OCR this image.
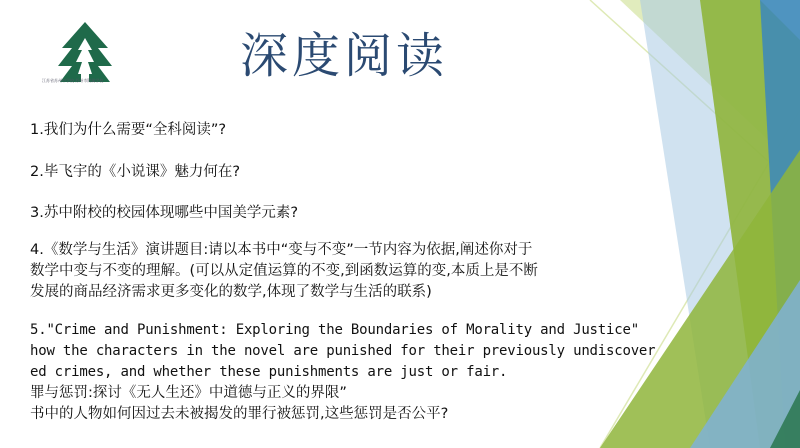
江苏省苏州中学校 苏州市附属学校	深度阅读
1.我们为什么需要“全科阅读”?
2.毕飞宇的《小说课》魅力何在?
3.苏中附校的校园体现哪些中国美学元素?
4.《数学与生活》演讲题目:请以本书中“变与不变”一节内容为依据,阐述你对于
数学中变与不变的理解。(可以从定值运算的不变,到函数运算的变,本质上是不断
发展的商品经济需求更多变化的数学,体现了数学与生活的联系)
5."Crime and Punishment: Exploring the Boundaries of Morality and Justice"
how the characters in the novel are punished for their previously undiscover
ed crimes, and whether these punishments are just or fair.
罪与惩罚:探讨《无人生还》中道德与正义的界限”
书中的人物如何因过去未被揭发的罪行被惩罚,这些惩罚是否公平?
